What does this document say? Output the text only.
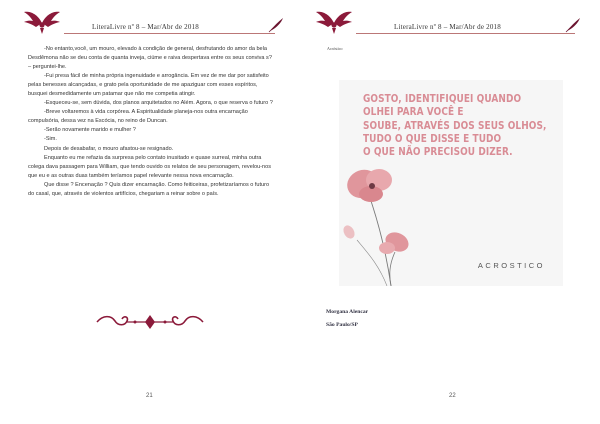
LiteraLivre nº 8 – Mar/Abr de 2018

-No entanto,você, um mouro, elevado à condição de general, desfrutando do amor da bela Desdêmona não se deu conta de quanta inveja, ciúme e raiva despertava entre os seus conviva s? – perguntei-lhe.

-Fui presa fácil de minha própria ingenuidade e arrogância. Em vez de me dar por satisfeito pelas benesses alcançadas, e grato pela oportunidade de me apaziguar com esses espíritos, busquei desmedidamente um patamar que não me competia atingir.

-Esqueceu-se, sem dúvida, dos planos arquitetados no Além. Agora, o que reserva o futuro ?

-Breve voltaremos à vida corpórea. A Espiritualidade planeja-nos outra encarnação compulsória, dessa vez na Escócia, no reino de Duncan.

-Serão novamente marido e mulher ?

-Sim.

Depois de desabafar, o mouro afastou-se resignado.

Enquanto eu me refazia da surpresa pelo contato inusitado e quase surreal, minha outra colega dava passagem para William, que tendo ouvido os relatos de seu personagem, revelou-nos que eu e as outras duas também teríamos papel relevante nessa nova encarnação.

Que disse ? Encenação ? Quis dizer encarnação. Como feiticeiras, profetizaríamos o futuro do casal, que, através de violentos artifícios, chegariam a reinar sobre o país.

21
LiteraLivre nº 8 – Mar/Abr de 2018
22
Acróstico
GOSTO, IDENTIFIQUEI QUANDO
OLHEI PARA VOCÊ E
SOUBE, ATRAVÉS DOS SEUS OLHOS,
TUDO O QUE DISSE E TUDO
O QUE NÃO PRECISOU DIZER.
ACROSTICO
Morgana Alencar
São Paulo/SP
